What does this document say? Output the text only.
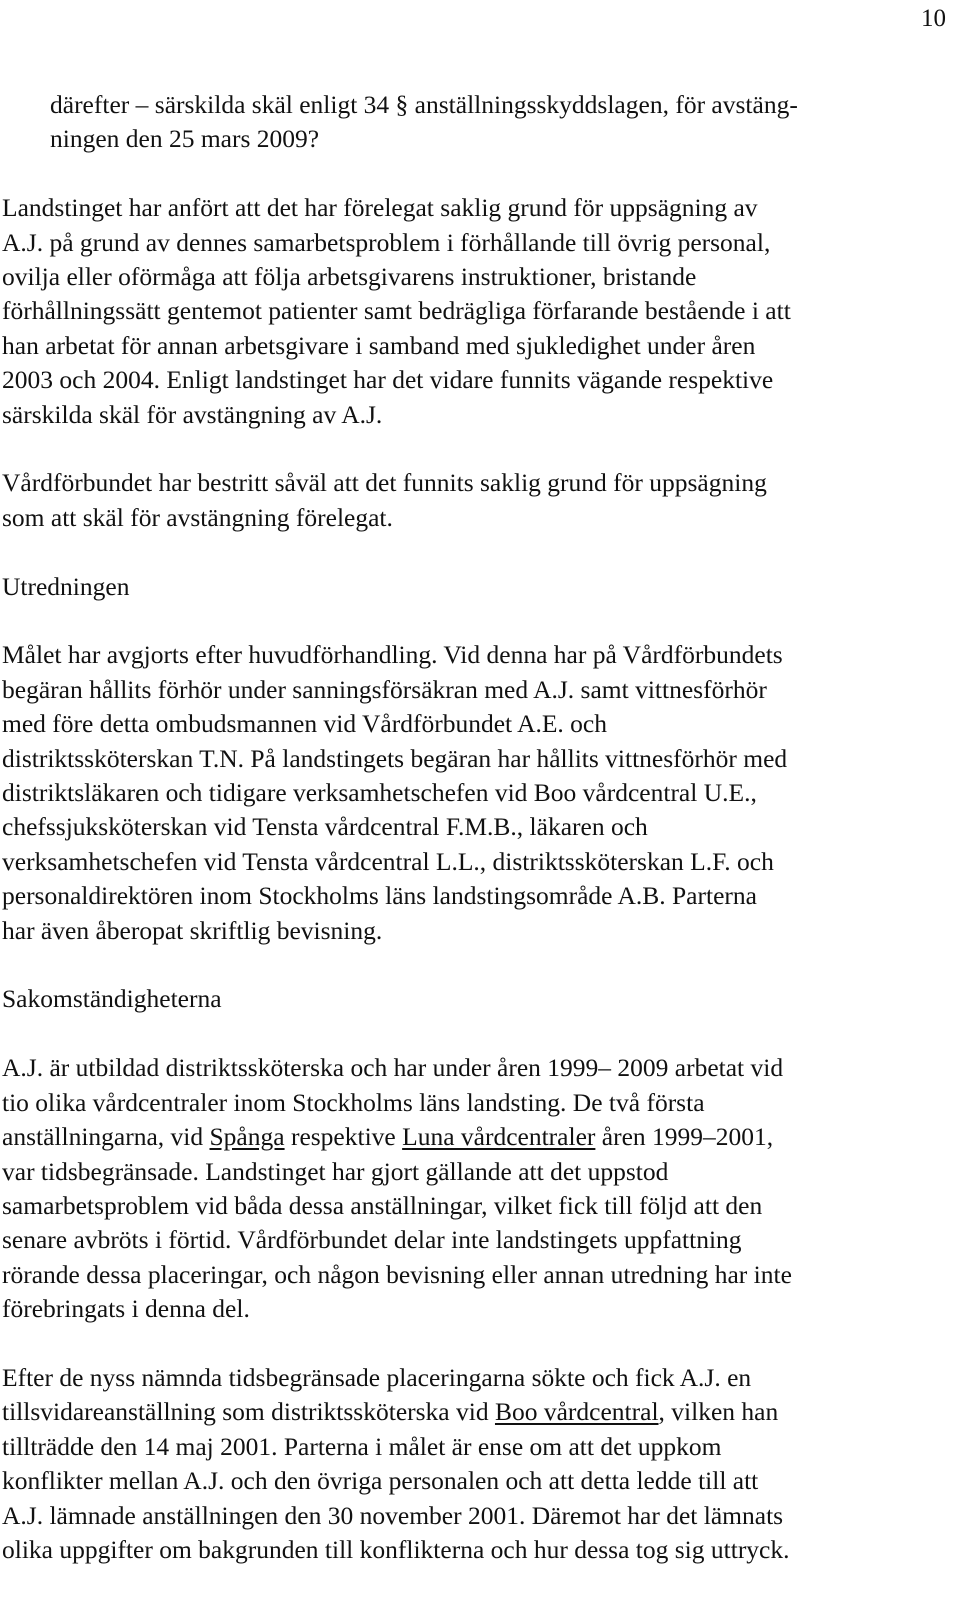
10
därefter – särskilda skäl enligt 34 § anställningsskyddslagen, för avstäng-
ningen den 25 mars 2009?
Landstinget har anfört att det har förelegat saklig grund för uppsägning av
A.J. på grund av dennes samarbetsproblem i förhållande till övrig personal,
ovilja eller oförmåga att följa arbetsgivarens instruktioner, bristande
förhållningssätt gentemot patienter samt bedrägliga förfarande bestående i att
han arbetat för annan arbetsgivare i samband med sjukledighet under åren
2003 och 2004. Enligt landstinget har det vidare funnits vägande respektive
särskilda skäl för avstängning av A.J.
Vårdförbundet har bestritt såväl att det funnits saklig grund för uppsägning
som att skäl för avstängning förelegat.
Utredningen
Målet har avgjorts efter huvudförhandling. Vid denna har på Vårdförbundets
begäran hållits förhör under sanningsförsäkran med A.J. samt vittnesförhör
med före detta ombudsmannen vid Vårdförbundet A.E. och
distriktssköterskan T.N. På landstingets begäran har hållits vittnesförhör med
distriktsläkaren och tidigare verksamhetschefen vid Boo vårdcentral U.E.,
chefssjuksköterskan vid Tensta vårdcentral F.M.B., läkaren och
verksamhetschefen vid Tensta vårdcentral L.L., distriktssköterskan L.F. och
personaldirektören inom Stockholms läns landstingsområde A.B. Parterna
har även åberopat skriftlig bevisning.
Sakomständigheterna
A.J. är utbildad distriktssköterska och har under åren 1999– 2009 arbetat vid
tio olika vårdcentraler inom Stockholms läns landsting. De två första
anställningarna, vid Spånga respektive Luna vårdcentraler åren 1999–2001,
var tidsbegränsade. Landstinget har gjort gällande att det uppstod
samarbetsproblem vid båda dessa anställningar, vilket fick till följd att den
senare avbröts i förtid. Vårdförbundet delar inte landstingets uppfattning
rörande dessa placeringar, och någon bevisning eller annan utredning har inte
förebringats i denna del.
Efter de nyss nämnda tidsbegränsade placeringarna sökte och fick A.J. en
tillsvidareanställning som distriktssköterska vid Boo vårdcentral, vilken han
tillträdde den 14 maj 2001. Parterna i målet är ense om att det uppkom
konflikter mellan A.J. och den övriga personalen och att detta ledde till att
A.J. lämnade anställningen den 30 november 2001. Däremot har det lämnats
olika uppgifter om bakgrunden till konflikterna och hur dessa tog sig uttryck.
